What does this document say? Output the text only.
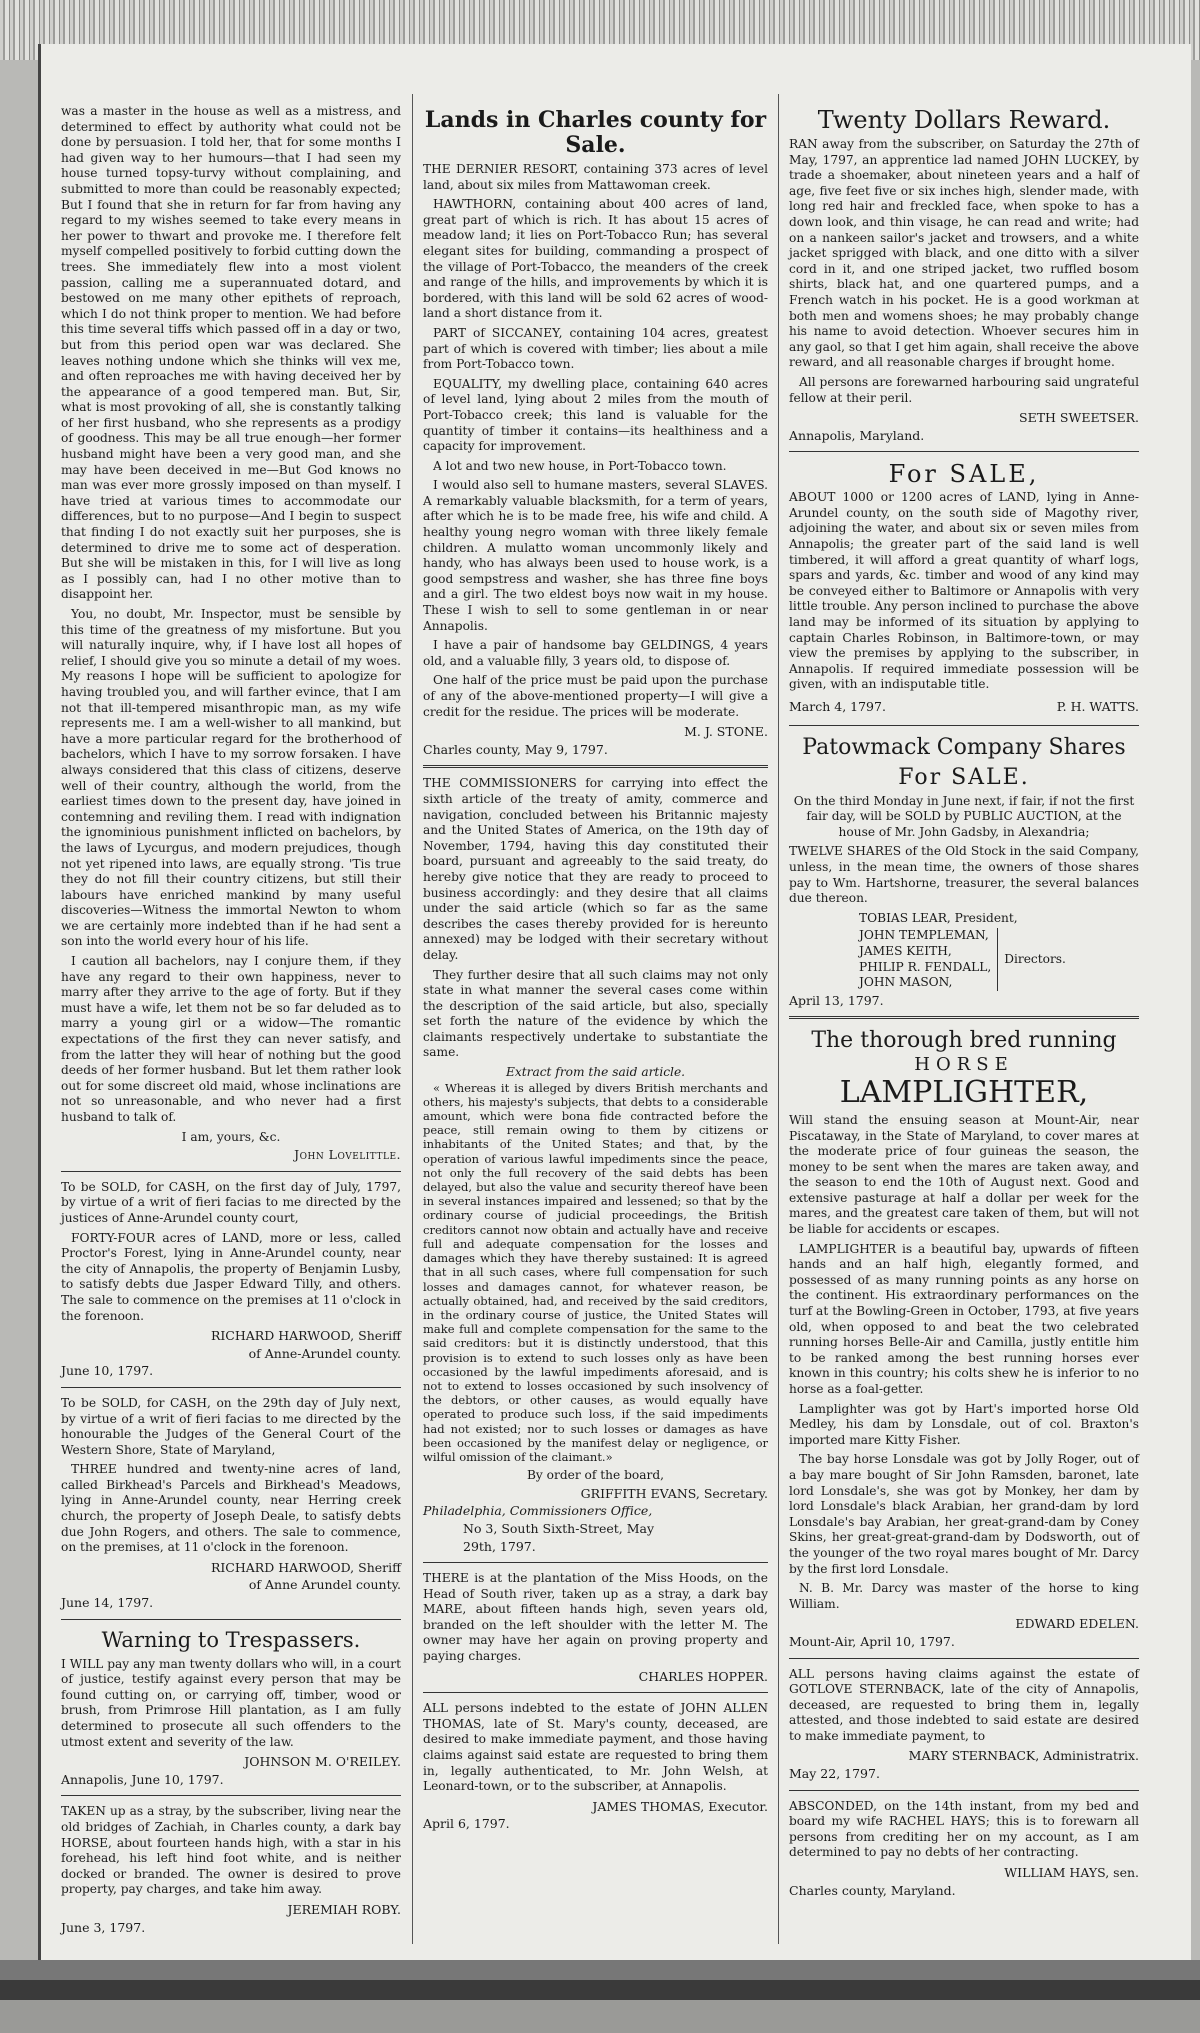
was a master in the house as well as a mistress, and determined to effect by authority what could not be done by persuasion. I told her, that for some months I had given way to her humours—that I had seen my house turned topsy-turvy without complaining, and submitted to more than could be reasonably expected; But I found that she in return for far from having any regard to my wishes seemed to take every means in her power to thwart and provoke me. I therefore felt myself compelled positively to forbid cutting down the trees. She immediately flew into a most violent passion, calling me a superannuated dotard, and bestowed on me many other epithets of reproach, which I do not think proper to mention. We had before this time several tiffs which passed off in a day or two, but from this period open war was declared. She leaves nothing undone which she thinks will vex me, and often reproaches me with having deceived her by the appearance of a good tempered man. But, Sir, what is most provoking of all, she is constantly talking of her first husband, who she represents as a prodigy of goodness. This may be all true enough—her former husband might have been a very good man, and she may have been deceived in me—But God knows no man was ever more grossly imposed on than myself. I have tried at various times to accommodate our differences, but to no purpose—And I begin to suspect that finding I do not exactly suit her purposes, she is determined to drive me to some act of desperation. But she will be mistaken in this, for I will live as long as I possibly can, had I no other motive than to disappoint her.

You, no doubt, Mr. Inspector, must be sensible by this time of the greatness of my misfortune. But you will naturally inquire, why, if I have lost all hopes of relief, I should give you so minute a detail of my woes. My reasons I hope will be sufficient to apologize for having troubled you, and will farther evince, that I am not that ill-tempered misanthropic man, as my wife represents me. I am a well-wisher to all mankind, but have a more particular regard for the brotherhood of bachelors, which I have to my sorrow forsaken. I have always considered that this class of citizens, deserve well of their country, although the world, from the earliest times down to the present day, have joined in contemning and reviling them. I read with indignation the ignominious punishment inflicted on bachelors, by the laws of Lycurgus, and modern prejudices, though not yet ripened into laws, are equally strong. 'Tis true they do not fill their country citizens, but still their labours have enriched mankind by many useful discoveries—Witness the immortal Newton to whom we are certainly more indebted than if he had sent a son into the world every hour of his life.

I caution all bachelors, nay I conjure them, if they have any regard to their own happiness, never to marry after they arrive to the age of forty. But if they must have a wife, let them not be so far deluded as to marry a young girl or a widow—The romantic expectations of the first they can never satisfy, and from the latter they will hear of nothing but the good deeds of her former husband. But let them rather look out for some discreet old maid, whose inclinations are not so unreasonable, and who never had a first husband to talk of.

I am, yours, &c.
John Lovelittle.

To be SOLD, for CASH, on the first day of July, 1797, by virtue of a writ of fieri facias to me directed by the justices of Anne-Arundel county court,

FORTY-FOUR acres of LAND, more or less, called Proctor's Forest, lying in Anne-Arundel county, near the city of Annapolis, the property of Benjamin Lusby, to satisfy debts due Jasper Edward Tilly, and others. The sale to commence on the premises at 11 o'clock in the forenoon.

RICHARD HARWOOD, Sheriff
of Anne-Arundel county.
June 10, 1797.

To be SOLD, for CASH, on the 29th day of July next, by virtue of a writ of fieri facias to me directed by the honourable the Judges of the General Court of the Western Shore, State of Maryland,

THREE hundred and twenty-nine acres of land, called Birkhead's Parcels and Birkhead's Meadows, lying in Anne-Arundel county, near Herring creek church, the property of Joseph Deale, to satisfy debts due John Rogers, and others. The sale to commence, on the premises, at 11 o'clock in the forenoon.

RICHARD HARWOOD, Sheriff
of Anne Arundel county.
June 14, 1797.
Warning to Trespassers.

I WILL pay any man twenty dollars who will, in a court of justice, testify against every person that may be found cutting on, or carrying off, timber, wood or brush, from Primrose Hill plantation, as I am fully determined to prosecute all such offenders to the utmost extent and severity of the law.

JOHNSON M. O'REILEY.
Annapolis, June 10, 1797.

TAKEN up as a stray, by the subscriber, living near the old bridges of Zachiah, in Charles county, a dark bay HORSE, about fourteen hands high, with a star in his forehead, his left hind foot white, and is neither docked or branded. The owner is desired to prove property, pay charges, and take him away.

JEREMIAH ROBY.
June 3, 1797.
Lands in Charles county for Sale.

THE DERNIER RESORT, containing 373 acres of level land, about six miles from Mattawoman creek.

HAWTHORN, containing about 400 acres of land, great part of which is rich. It has about 15 acres of meadow land; it lies on Port-Tobacco Run; has several elegant sites for building, commanding a prospect of the village of Port-Tobacco, the meanders of the creek and range of the hills, and improvements by which it is bordered, with this land will be sold 62 acres of wood-land a short distance from it.

PART of SICCANEY, containing 104 acres, greatest part of which is covered with timber; lies about a mile from Port-Tobacco town.

EQUALITY, my dwelling place, containing 640 acres of level land, lying about 2 miles from the mouth of Port-Tobacco creek; this land is valuable for the quantity of timber it contains—its healthiness and a capacity for improvement.

A lot and two new house, in Port-Tobacco town.

I would also sell to humane masters, several SLAVES. A remarkably valuable blacksmith, for a term of years, after which he is to be made free, his wife and child. A healthy young negro woman with three likely female children. A mulatto woman uncommonly likely and handy, who has always been used to house work, is a good sempstress and washer, she has three fine boys and a girl. The two eldest boys now wait in my house. These I wish to sell to some gentleman in or near Annapolis.

I have a pair of handsome bay GELDINGS, 4 years old, and a valuable filly, 3 years old, to dispose of.

One half of the price must be paid upon the purchase of any of the above-mentioned property—I will give a credit for the residue. The prices will be moderate.

M. J. STONE.
Charles county, May 9, 1797.

THE COMMISSIONERS for carrying into effect the sixth article of the treaty of amity, commerce and navigation, concluded between his Britannic majesty and the United States of America, on the 19th day of November, 1794, having this day constituted their board, pursuant and agreeably to the said treaty, do hereby give notice that they are ready to proceed to business accordingly: and they desire that all claims under the said article (which so far as the same describes the cases thereby provided for is hereunto annexed) may be lodged with their secretary without delay.

They further desire that all such claims may not only state in what manner the several cases come within the description of the said article, but also, specially set forth the nature of the evidence by which the claimants respectively undertake to substantiate the same.

Extract from the said article.

« Whereas it is alleged by divers British merchants and others, his majesty's subjects, that debts to a considerable amount, which were bona fide contracted before the peace, still remain owing to them by citizens or inhabitants of the United States; and that, by the operation of various lawful impediments since the peace, not only the full recovery of the said debts has been delayed, but also the value and security thereof have been in several instances impaired and lessened; so that by the ordinary course of judicial proceedings, the British creditors cannot now obtain and actually have and receive full and adequate compensation for the losses and damages which they have thereby sustained: It is agreed that in all such cases, where full compensation for such losses and damages cannot, for whatever reason, be actually obtained, had, and received by the said creditors, in the ordinary course of justice, the United States will make full and complete compensation for the same to the said creditors: but it is distinctly understood, that this provision is to extend to such losses only as have been occasioned by the lawful impediments aforesaid, and is not to extend to losses occasioned by such insolvency of the debtors, or other causes, as would equally have operated to produce such loss, if the said impediments had not existed; nor to such losses or damages as have been occasioned by the manifest delay or negligence, or wilful omission of the claimant.»

By order of the board,
GRIFFITH EVANS, Secretary.
Philadelphia, Commissioners Office,
No 3, South Sixth-Street, May
29th, 1797.

THERE is at the plantation of the Miss Hoods, on the Head of South river, taken up as a stray, a dark bay MARE, about fifteen hands high, seven years old, branded on the left shoulder with the letter M. The owner may have her again on proving property and paying charges.

CHARLES HOPPER.

ALL persons indebted to the estate of JOHN ALLEN THOMAS, late of St. Mary's county, deceased, are desired to make immediate payment, and those having claims against said estate are requested to bring them in, legally authenticated, to Mr. John Welsh, at Leonard-town, or to the subscriber, at Annapolis.

JAMES THOMAS, Executor.
April 6, 1797.
Twenty Dollars Reward.

RAN away from the subscriber, on Saturday the 27th of May, 1797, an apprentice lad named JOHN LUCKEY, by trade a shoemaker, about nineteen years and a half of age, five feet five or six inches high, slender made, with long red hair and freckled face, when spoke to has a down look, and thin visage, he can read and write; had on a nankeen sailor's jacket and trowsers, and a white jacket sprigged with black, and one ditto with a silver cord in it, and one striped jacket, two ruffled bosom shirts, black hat, and one quartered pumps, and a French watch in his pocket. He is a good workman at both men and womens shoes; he may probably change his name to avoid detection. Whoever secures him in any gaol, so that I get him again, shall receive the above reward, and all reasonable charges if brought home.

All persons are forewarned harbouring said ungrateful fellow at their peril.

SETH SWEETSER.
Annapolis, Maryland.
For SALE,

ABOUT 1000 or 1200 acres of LAND, lying in Anne-Arundel county, on the south side of Magothy river, adjoining the water, and about six or seven miles from Annapolis; the greater part of the said land is well timbered, it will afford a great quantity of wharf logs, spars and yards, &c. timber and wood of any kind may be conveyed either to Baltimore or Annapolis with very little trouble. Any person inclined to purchase the above land may be informed of its situation by applying to captain Charles Robinson, in Baltimore-town, or may view the premises by applying to the subscriber, in Annapolis. If required immediate possession will be given, with an indisputable title.

March 4, 1797.	P. H. WATTS.
Patowmack Company Shares
For SALE.

On the third Monday in June next, if fair, if not the first fair day, will be SOLD by PUBLIC AUCTION, at the house of Mr. John Gadsby, in Alexandria;

TWELVE SHARES of the Old Stock in the said Company, unless, in the mean time, the owners of those shares pay to Wm. Hartshorne, treasurer, the several balances due thereon.

TOBIAS LEAR, President,
JOHN TEMPLEMAN,
JAMES KEITH,
PHILIP R. FENDALL,
JOHN MASON,
Directors.
April 13, 1797.
The thorough bred running
HORSE
LAMPLIGHTER,

Will stand the ensuing season at Mount-Air, near Piscataway, in the State of Maryland, to cover mares at the moderate price of four guineas the season, the money to be sent when the mares are taken away, and the season to end the 10th of August next. Good and extensive pasturage at half a dollar per week for the mares, and the greatest care taken of them, but will not be liable for accidents or escapes.

LAMPLIGHTER is a beautiful bay, upwards of fifteen hands and an half high, elegantly formed, and possessed of as many running points as any horse on the continent. His extraordinary performances on the turf at the Bowling-Green in October, 1793, at five years old, when opposed to and beat the two celebrated running horses Belle-Air and Camilla, justly entitle him to be ranked among the best running horses ever known in this country; his colts shew he is inferior to no horse as a foal-getter.

Lamplighter was got by Hart's imported horse Old Medley, his dam by Lonsdale, out of col. Braxton's imported mare Kitty Fisher.

The bay horse Lonsdale was got by Jolly Roger, out of a bay mare bought of Sir John Ramsden, baronet, late lord Lonsdale's, she was got by Monkey, her dam by lord Lonsdale's black Arabian, her grand-dam by lord Lonsdale's bay Arabian, her great-grand-dam by Coney Skins, her great-great-grand-dam by Dodsworth, out of the younger of the two royal mares bought of Mr. Darcy by the first lord Lonsdale.

N. B. Mr. Darcy was master of the horse to king William.

EDWARD EDELEN.
Mount-Air, April 10, 1797.

ALL persons having claims against the estate of GOTLOVE STERNBACK, late of the city of Annapolis, deceased, are requested to bring them in, legally attested, and those indebted to said estate are desired to make immediate payment, to

MARY STERNBACK, Administratrix.
May 22, 1797.

ABSCONDED, on the 14th instant, from my bed and board my wife RACHEL HAYS; this is to forewarn all persons from crediting her on my account, as I am determined to pay no debts of her contracting.

WILLIAM HAYS, sen.
Charles county, Maryland.
